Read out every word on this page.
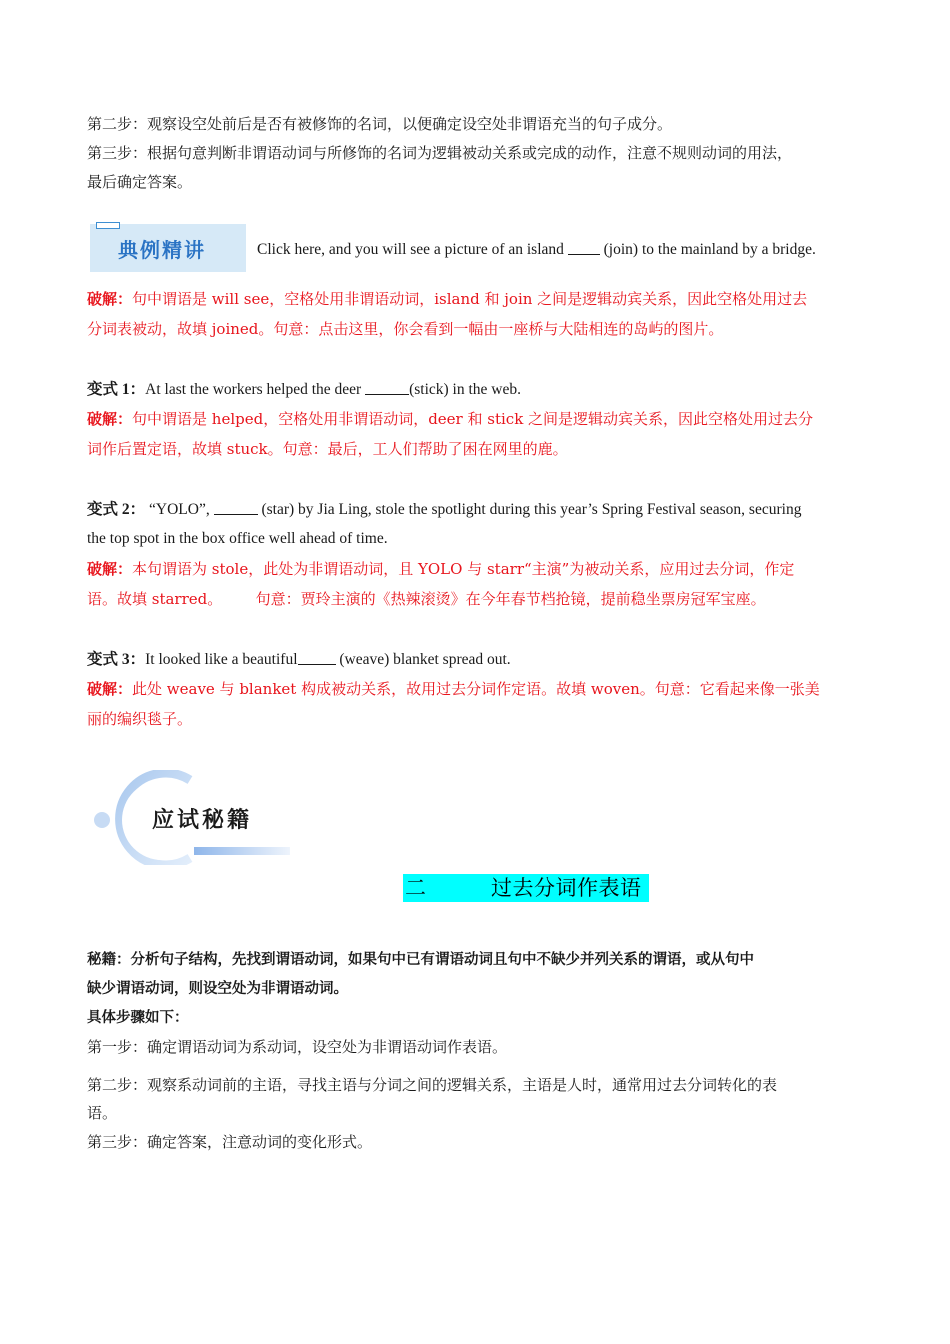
第二步：观察设空处前后是否有被修饰的名词，以便确定设空处非谓语充当的句子成分。
第三步：根据句意判断非谓语动词与所修饰的名词为逻辑被动关系或完成的动作，注意不规则动词的用法，
最后确定答案。
典例精讲	Click here, and you will see a picture of an island  (join) to the mainland by a bridge.
破解：句中谓语是 will see，空格处用非谓语动词，island 和 join 之间是逻辑动宾关系，因此空格处用过去
分词表被动，故填 joined。句意：点击这里，你会看到一幅由一座桥与大陆相连的岛屿的图片。
变式 1：At last the workers helped the deer	(stick) in the web.
破解：句中谓语是 helped，空格处用非谓语动词，deer 和 stick 之间是逻辑动宾关系，因此空格处用过去分
词作后置定语，故填 stuck。句意：最后，工人们帮助了困在网里的鹿。
变式 2： “YOLO”,	(star) by Jia Ling, stole the spotlight during this year’s Spring Festival season, securing
the top spot in the box office well ahead of time.
破解：本句谓语为 stole，此处为非谓语动词，且 YOLO 与 starr“主演”为被动关系，应用过去分词，作定
语。故填 starred。       句意：贾玲主演的《热辣滚烫》在今年春节档抢镜，提前稳坐票房冠军宝座。
变式 3：It looked like a beautiful (weave) blanket spread out.
破解：此处 weave 与 blanket 构成被动关系，故用过去分词作定语。故填 woven。句意：它看起来像一张美
丽的编织毯子。
应试秘籍
二	过去分词作表语
秘籍：分析句子结构，先找到谓语动词，如果句中已有谓语动词且句中不缺少并列关系的谓语，或从句中
缺少谓语动词，则设空处为非谓语动词。
具体步骤如下：
第一步：确定谓语动词为系动词，设空处为非谓语动词作表语。
第二步：观察系动词前的主语，寻找主语与分词之间的逻辑关系，主语是人时，通常用过去分词转化的表
语。
第三步：确定答案，注意动词的变化形式。
